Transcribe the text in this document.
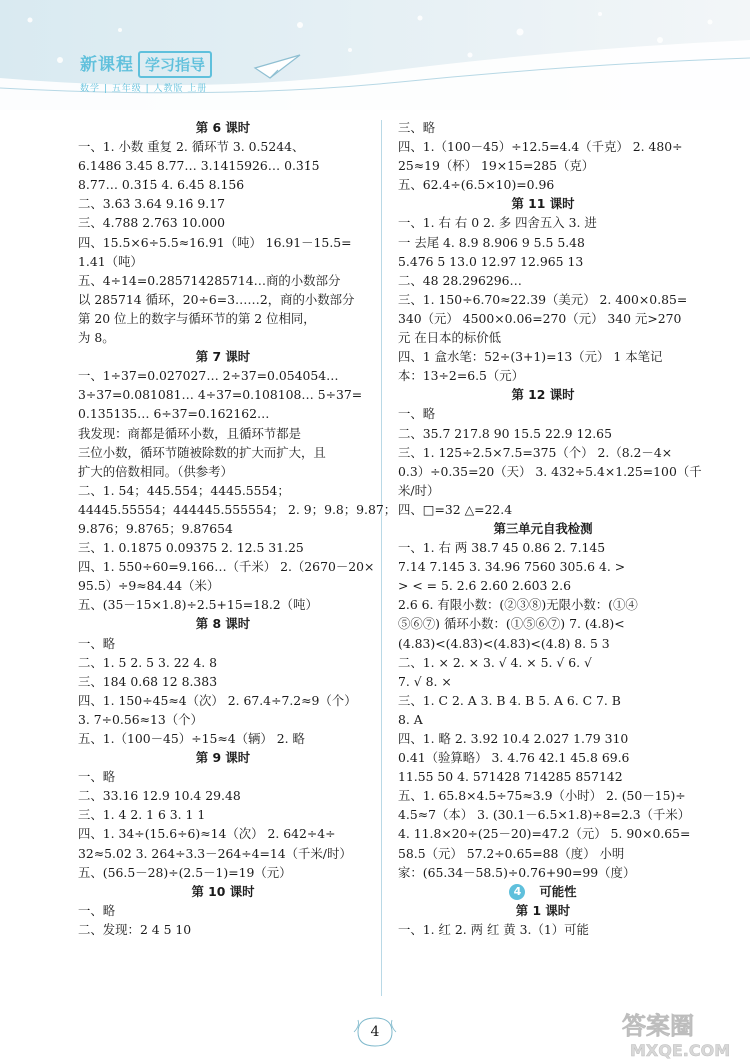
新课程 学习指导
数学 | 五年级 | 人教版 上册
第 6 课时
一、1. 小数 重复 2. 循环节 3. 0.5244、
6.1486 3.45 8.77… 3.1415926… 0.3̇1̇5̇
8.77… 0.31̇5̇ 4. 6.4̇5̇ 8.15̇6̇
二、3.6̇3̇ 3.64 9.16̇ 9.17
三、4.788 2.763 10.000
四、15.5×6÷5.5≈16.91（吨） 16.91－15.5=
1.41（吨）
五、4÷14=0.285714285714…商的小数部分
以 285714 循环，20÷6=3……2，商的小数部分
第 20 位上的数字与循环节的第 2 位相同，
为 8。
第 7 课时
一、1÷37=0.027027… 2÷37=0.054054…
3÷37=0.081081… 4÷37=0.108108… 5÷37=
0.135135… 6÷37=0.162162…
我发现：商都是循环小数，且循环节都是
三位小数，循环节随被除数的扩大而扩大，且
扩大的倍数相同。（供参考）
二、1. 54；445.554；4445.5554；
44445.55554；444445.555554； 2. 9；9.8；9.87；
9.876；9.8765；9.87654
三、1. 0.1875 0.09375 2. 12.5 31.25
四、1. 550÷60=9.166…（千米） 2.（2670－20×
95.5）÷9≈84.44（米）
五、(35－15×1.8)÷2.5+15=18.2（吨）
第 8 课时
一、略
二、1. 5 2. 5 3. 22 4. 8
三、184 0.6̇8̇ 12 8.38̇3̇
四、1. 150÷45≈4（次） 2. 67.4÷7.2≈9（个）
3. 7÷0.56≈13（个）
五、1.（100－45）÷15≈4（辆） 2. 略
第 9 课时
一、略
二、33.16 12.9 10.4 29.48
三、1. 4 2. 1 6 3. 1 1
四、1. 34÷(15.6÷6)≈14（次） 2. 642÷4÷
32≈5.02 3. 264÷3.3－264÷4=14（千米/时）
五、(56.5－28)÷(2.5－1)=19（元）
第 10 课时
一、略
二、发现：2 4 5 10
三、略
四、1.（100－45）÷12.5=4.4（千克） 2. 480÷
25≈19（杯） 19×15=285（克）
五、62.4÷(6.5×10)=0.96
第 11 课时
一、1. 右 右 0 2. 多 四舍五入 3. 进
一 去尾 4. 8.9 8.906 9 5.5 5.48
5.476 5 13.0 12.97 12.965 13
二、48 28.296296…
三、1. 150÷6.70≈22.39（美元） 2. 400×0.85=
340（元） 4500×0.06=270（元） 340 元>270
元 在日本的标价低
四、1 盒水笔：52÷(3+1)=13（元） 1 本笔记
本：13÷2=6.5（元）
第 12 课时
一、略
二、35.7 217.8 90 15.5 22.9 12.65
三、1. 125÷2.5×7.5=375（个） 2.（8.2－4×
0.3）÷0.35=20（天） 3. 432÷5.4×1.25=100（千
米/时）
四、□=32 △=22.4
第三单元自我检测
一、1. 右 两 38.7 45 0.86 2. 7.14̇5̇
7.14 7.145 3. 34.96 7560 305.6 4. >
> < = 5. 2.6̇ 2.6̇0̇ 2.6̇0̇3̇ 2.6
2.6 6. 有限小数：(②③⑧)无限小数：(①④
⑤⑥⑦) 循环小数：(①⑤⑥⑦) 7. (4.8)<
(4.83)<(4.8̇3̇)<(4.83̇)<(4.8̇) 8. 5 3
二、1. × 2. × 3. √ 4. × 5. √ 6. √
7. √ 8. ×
三、1. C 2. A 3. B 4. B 5. A 6. C 7. B
8. A
四、1. 略 2. 3.92 10.4 2.02̇7̇ 1.79 310
0.41（验算略） 3. 4.76 42.1 45.8 69.6
11.55 50 4. 571428 714285 857142
五、1. 65.8×4.5÷75≈3.9（小时） 2. (50－15)÷
4.5≈7（本） 3. (30.1－6.5×1.8)÷8=2.3（千米）
4. 11.8×20÷(25－20)=47.2（元） 5. 90×0.65=
58.5（元） 57.2÷0.65=88（度） 小明
家：(65.34－58.5)÷0.76+90=99（度）
4 可能性
第 1 课时
一、1. 红 2. 两 红 黄 3.（1）可能
4	答案圈
MXQE.COM
